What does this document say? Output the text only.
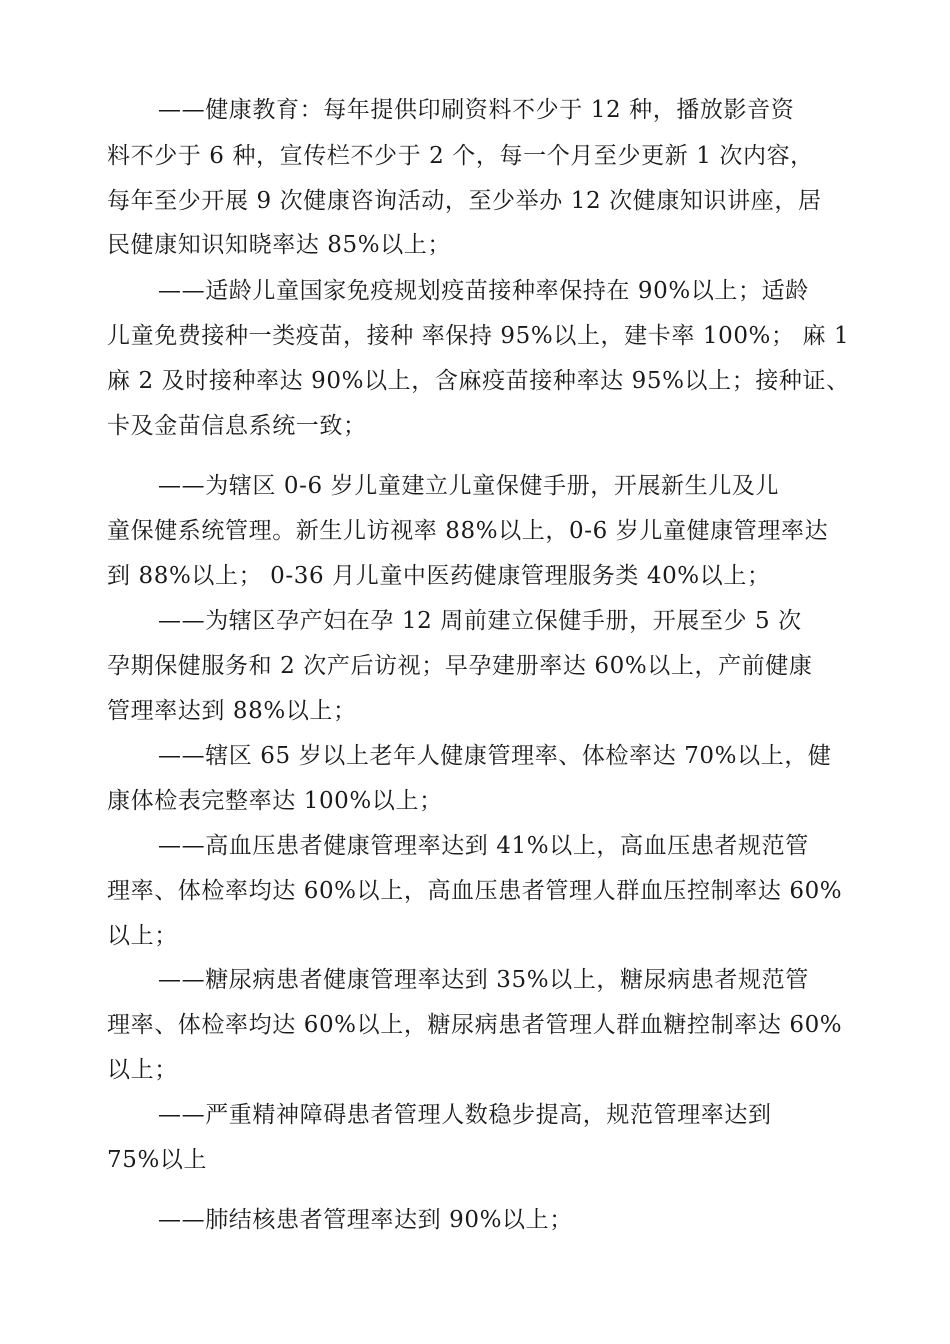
——健康教育：每年提供印刷资料不少于 12 种，播放影音资
料不少于 6 种，宣传栏不少于 2 个，每一个月至少更新 1 次内容，
每年至少开展 9 次健康咨询活动，至少举办 12 次健康知识讲座，居
民健康知识知晓率达 85%以上；
——适龄儿童国家免疫规划疫苗接种率保持在 90%以上；适龄
儿童免费接种一类疫苗，接种 率保持 95%以上，建卡率 100%； 麻 1
麻 2 及时接种率达 90%以上，含麻疫苗接种率达 95%以上；接种证、
卡及金苗信息系统一致；
——为辖区 0-6 岁儿童建立儿童保健手册，开展新生儿及儿
童保健系统管理。新生儿访视率 88%以上，0-6 岁儿童健康管理率达
到 88%以上； 0-36 月儿童中医药健康管理服务类 40%以上；
——为辖区孕产妇在孕 12 周前建立保健手册，开展至少 5 次
孕期保健服务和 2 次产后访视；早孕建册率达 60%以上，产前健康
管理率达到 88%以上；
——辖区 65 岁以上老年人健康管理率、体检率达 70%以上，健
康体检表完整率达 100%以上；
——高血压患者健康管理率达到 41%以上，高血压患者规范管
理率、体检率均达 60%以上，高血压患者管理人群血压控制率达 60%
以上；
——糖尿病患者健康管理率达到 35%以上，糖尿病患者规范管
理率、体检率均达 60%以上，糖尿病患者管理人群血糖控制率达 60%
以上；
——严重精神障碍患者管理人数稳步提高，规范管理率达到
75%以上
——肺结核患者管理率达到 90%以上；
